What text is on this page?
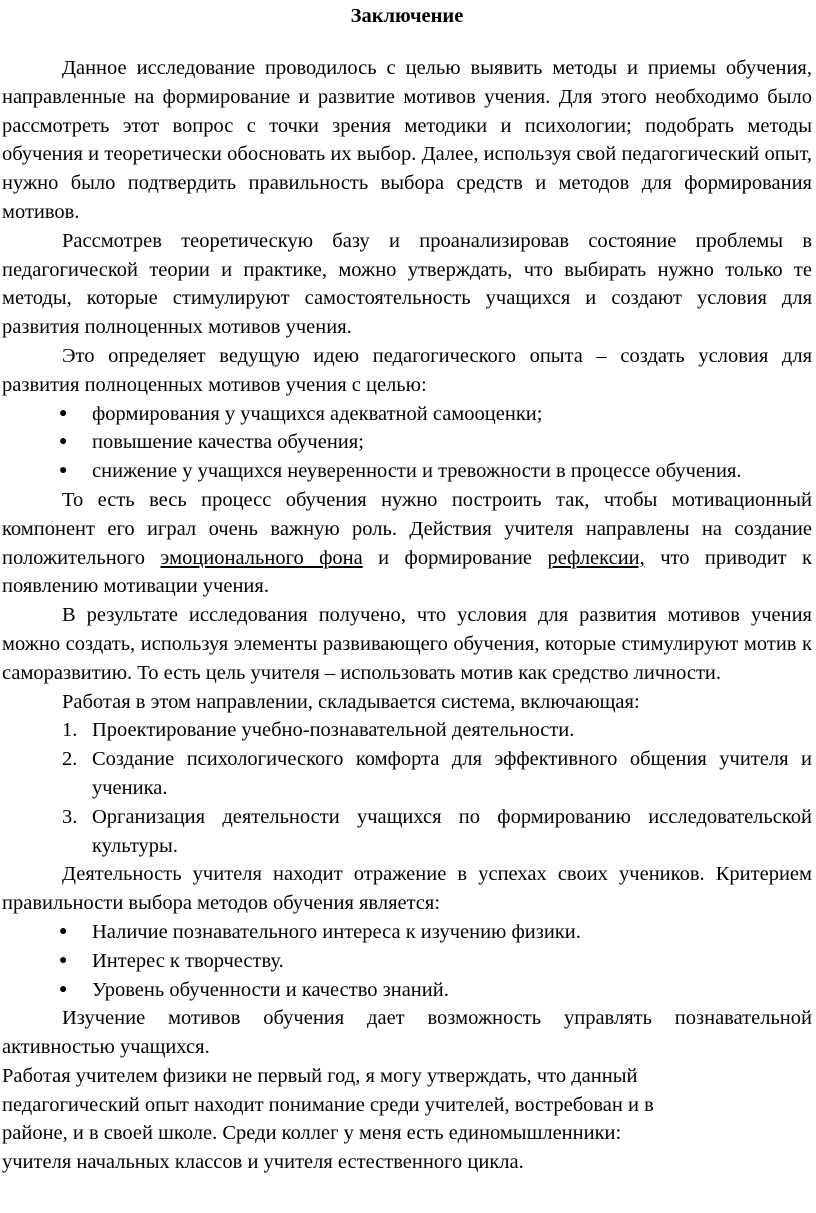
Заключение

Данное исследование проводилось с целью выявить методы и приемы обучения, направленные на формирование и развитие мотивов учения. Для этого необходимо было рассмотреть этот вопрос с точки зрения методики и психологии; подобрать методы обучения и теоретически обосновать их выбор. Далее, используя свой педагогический опыт, нужно было подтвердить правильность выбора средств и методов для формирования мотивов.

Рассмотрев теоретическую базу и проанализировав состояние проблемы в педагогической теории и практике, можно утверждать, что выбирать нужно только те методы, которые стимулируют самостоятельность учащихся и создают условия для развития полноценных мотивов учения.

Это определяет ведущую идею педагогического опыта – создать условия для развития полноценных мотивов учения с целью:

● формирования у учащихся адекватной самооценки;
● повышение качества обучения;
● снижение у учащихся неуверенности и тревожности в процессе обучения.

То есть весь процесс обучения нужно построить так, чтобы мотивационный компонент его играл очень важную роль. Действия учителя направлены на создание положительного эмоционального фона и формирование рефлексии, что приводит к появлению мотивации учения.

В результате исследования получено, что условия для развития мотивов учения можно создать, используя элементы развивающего обучения, которые стимулируют мотив к саморазвитию. То есть цель учителя – использовать мотив как средство личности.

Работая в этом направлении, складывается система, включающая:

1. Проектирование учебно-познавательной деятельности.
2. Создание психологического комфорта для эффективного общения учителя и ученика.
3. Организация деятельности учащихся по формированию исследовательской культуры.

Деятельность учителя находит отражение в успехах своих учеников. Критерием правильности выбора методов обучения является:

● Наличие познавательного интереса к изучению физики.
● Интерес к творчеству.
● Уровень обученности и качество знаний.

Изучение мотивов обучения дает возможность управлять познавательной активностью учащихся.

Работая учителем физики не первый год, я могу утверждать, что данный

педагогический опыт находит понимание среди учителей, востребован и в

районе, и в своей школе. Среди коллег у меня есть единомышленники:

учителя начальных классов и учителя естественного цикла.
